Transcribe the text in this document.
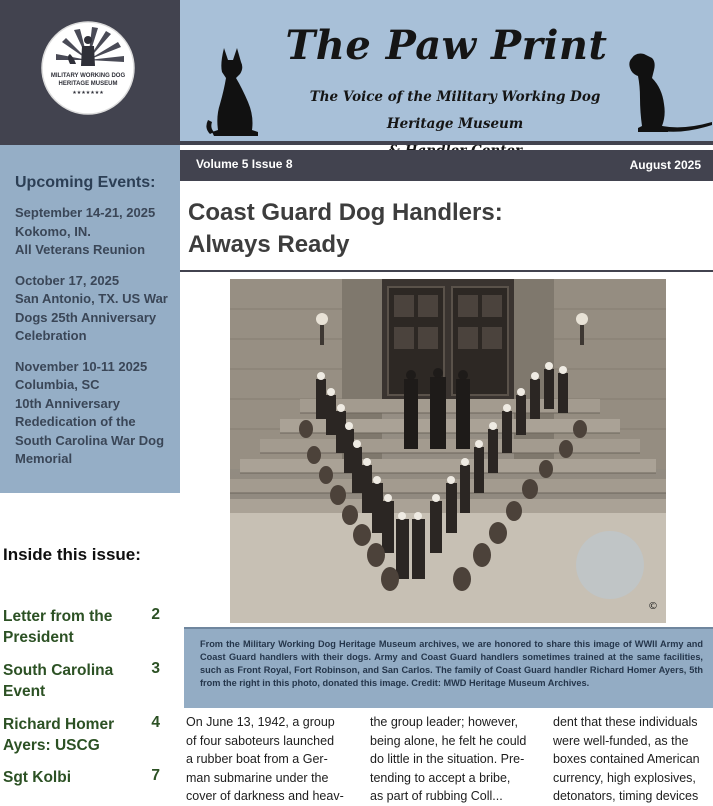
MILITARY WORKING DOG
HERITAGE MUSEUM
★★★★★★★
Upcoming Events:
September 14-21, 2025
Kokomo, IN.
All Veterans Reunion
October 17, 2025
San Antonio, TX. US War
Dogs 25th Anniversary
Celebration
November 10-11 2025
Columbia, SC
10th Anniversary
Rededication of the
South Carolina War Dog
Memorial
Inside this issue:
Letter from the President
2
South Carolina Event
3
Richard Homer Ayers: USCG
4
Sgt Kolbi	7
The Paw Print
The Voice of the Military Working Dog Heritage Museum
Volume 5 Issue 8	August 2025
Coast Guard Dog Handlers:
Always Ready
©
From the Military Working Dog Heritage Museum archives, we are honored to share this image of WWII Army and Coast Guard handlers with their dogs. Army and Coast Guard handlers sometimes trained at the same facilities, such as Front Royal, Fort Robinson, and San Carlos. The family of Coast Guard handler Richard Homer Ayers, 5th from the right in this photo, donated this image. Credit: MWD Heritage Museum Archives.
On June 13, 1942, a group
of four saboteurs launched
a rubber boat from a Ger-
man submarine under the
cover of darkness and heav-
the group leader; however,
being alone, he felt he could
do little in the situation. Pre-
tending to accept a bribe,
as part of rubbing Coll...
dent that these individuals
were well-funded, as the
boxes contained American
currency, high explosives,
detonators, timing devices
